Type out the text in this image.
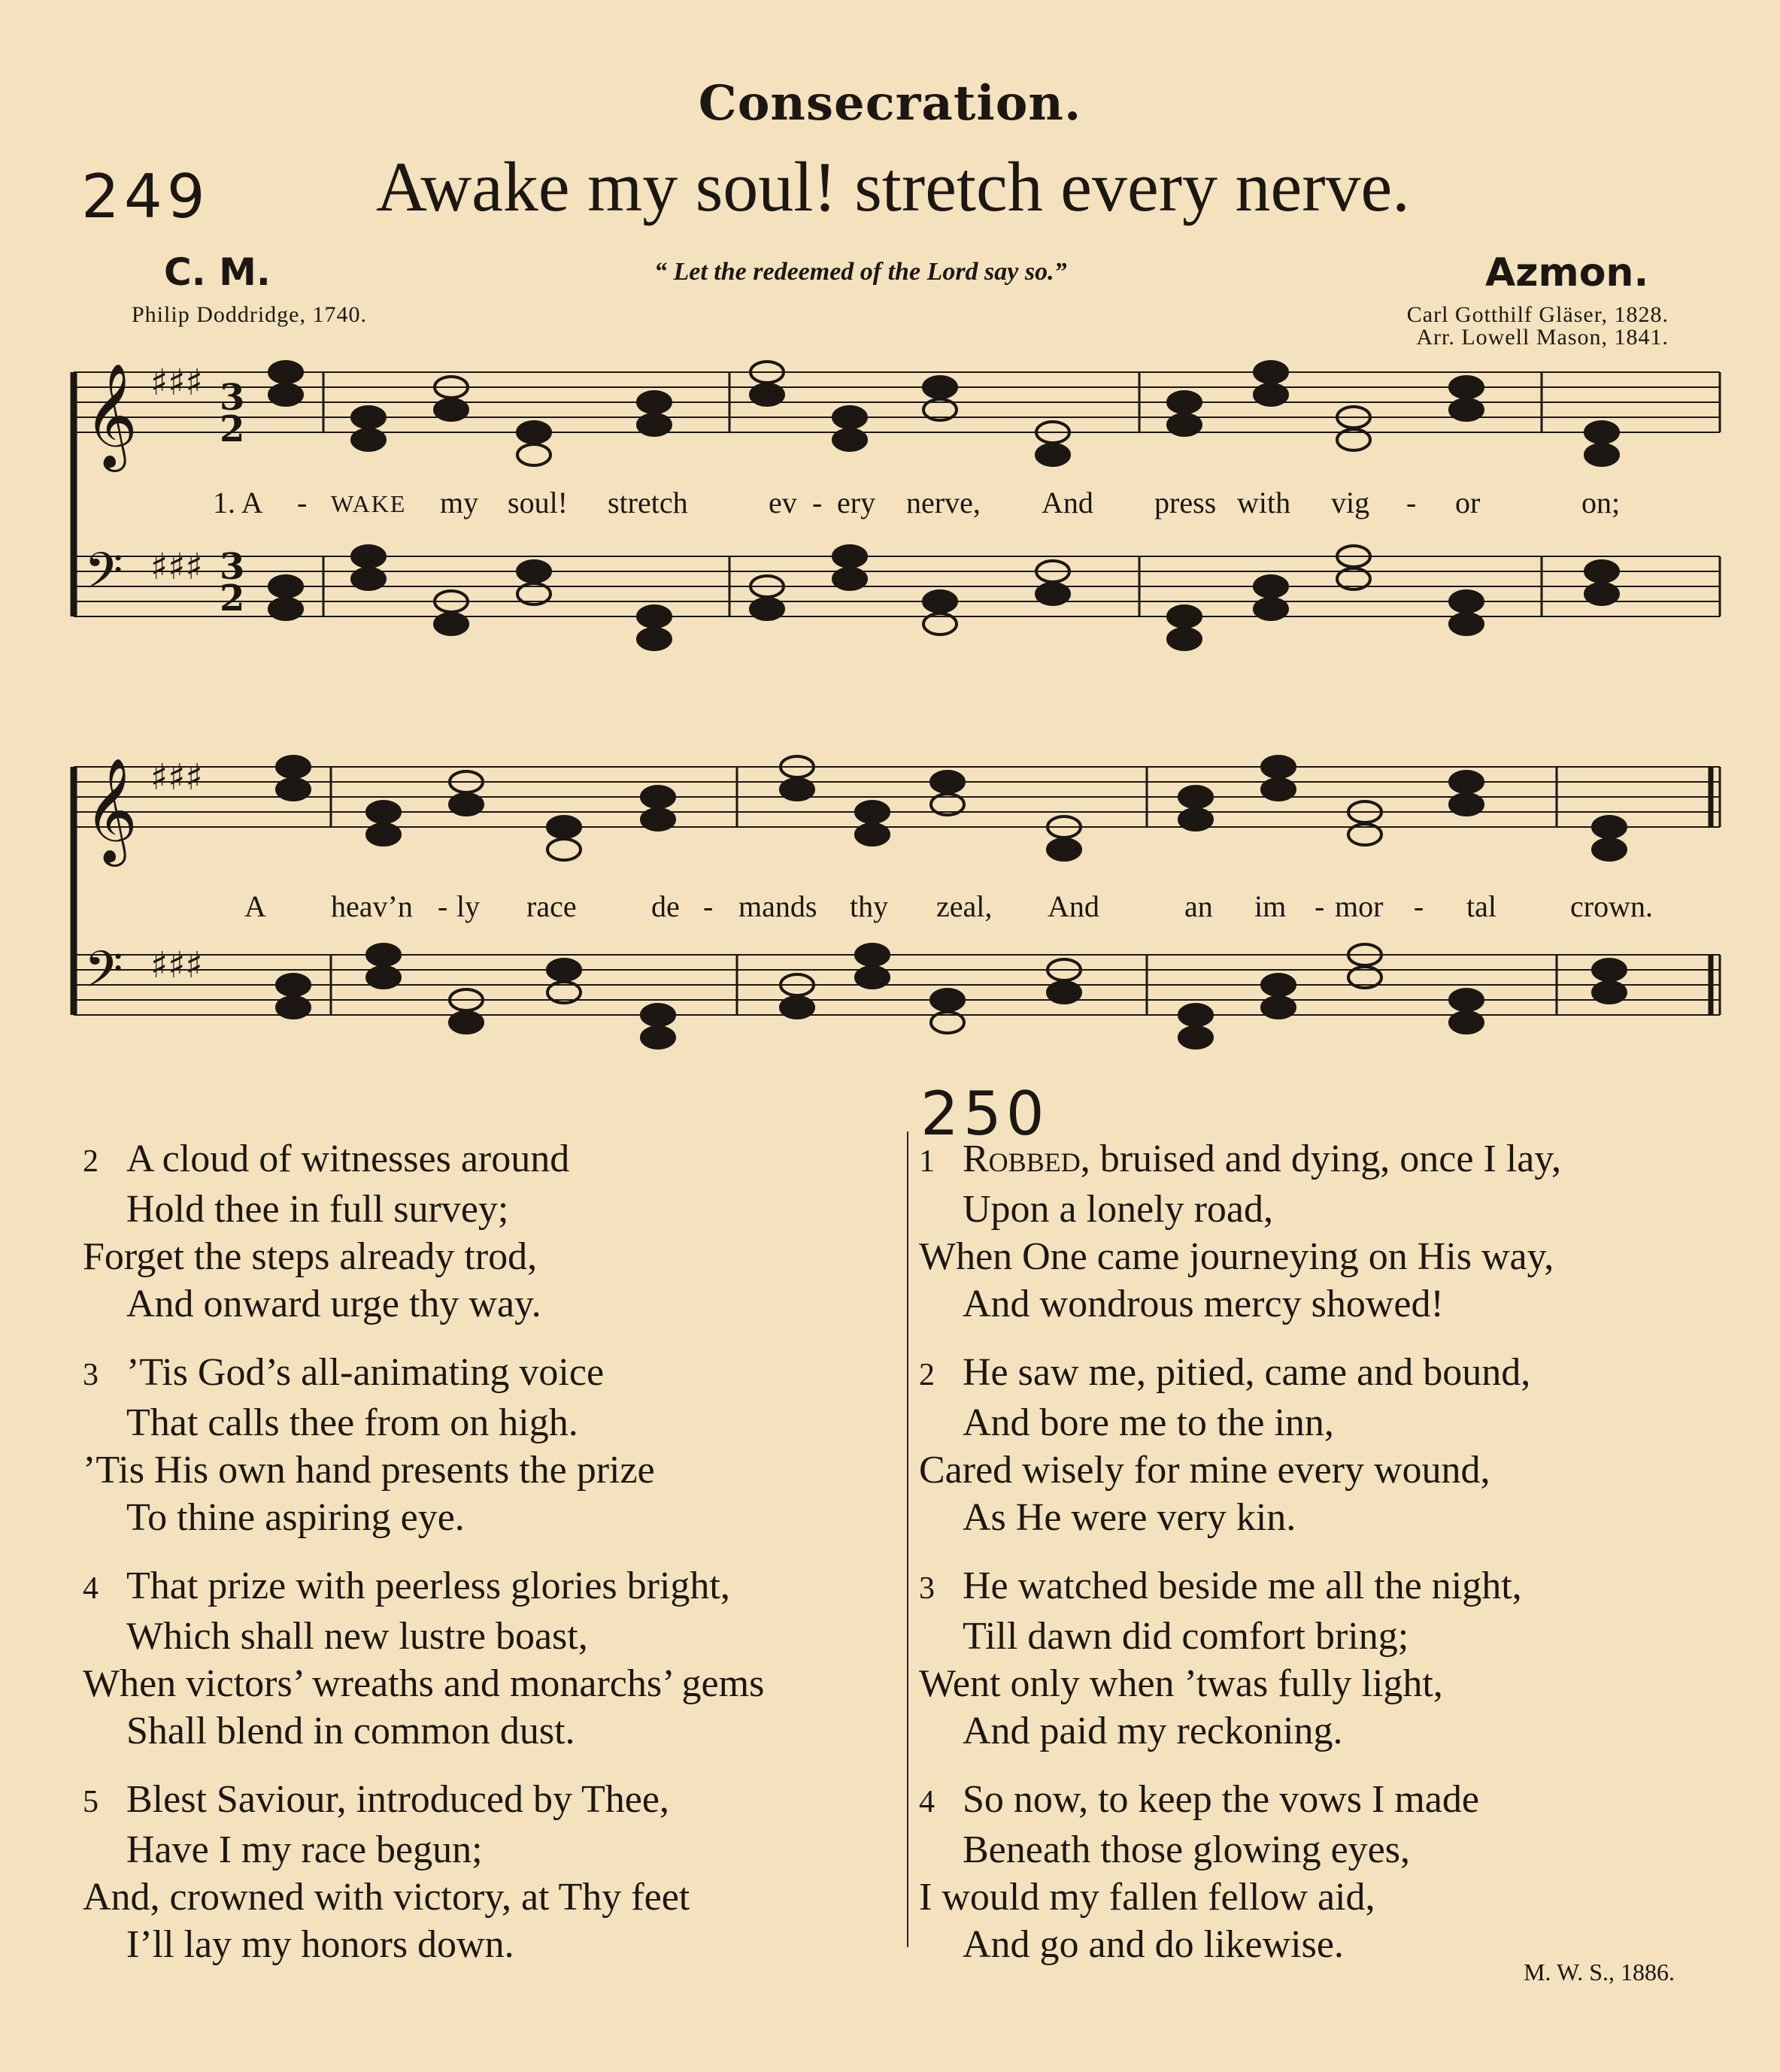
Consecration.
249 Awake my soul! stretch every nerve.
C. M.	“ Let the redeemed of the Lord say so.”	Azmon.
Philip Doddridge, 1740.	Carl Gotthilf Gläser, 1828.
Arr. Lowell Mason, 1841.
𝄞 ♯♯♯
𝄢 ♯♯♯
𝄞 ♯♯♯
𝄢 ♯♯♯
3
2
3
2
1. A - WAKE my soul! stretch	ev - ery nerve, And press with vig - or	on;
A heav’n - ly race de - mands thy zeal, And	an im - mor - tal crown.
250
2 A cloud of witnesses around
Hold thee in full survey;
Forget the steps already trod,
And onward urge thy way.
3 ’Tis God’s all-animating voice
That calls thee from on high.
’Tis His own hand presents the prize
To thine aspiring eye.
4 That prize with peerless glories bright,
Which shall new lustre boast,
When victors’ wreaths and monarchs’ gems
Shall blend in common dust.
5 Blest Saviour, introduced by Thee,
Have I my race begun;
And, crowned with victory, at Thy feet
I’ll lay my honors down.
1 Robbed, bruised and dying, once I lay,
Upon a lonely road,
When One came journeying on His way,
And wondrous mercy showed!
2 He saw me, pitied, came and bound,
And bore me to the inn,
Cared wisely for mine every wound,
As He were very kin.
3 He watched beside me all the night,
Till dawn did comfort bring;
Went only when ’twas fully light,
And paid my reckoning.
4 So now, to keep the vows I made
Beneath those glowing eyes,
I would my fallen fellow aid,
And go and do likewise.
M. W. S., 1886.
